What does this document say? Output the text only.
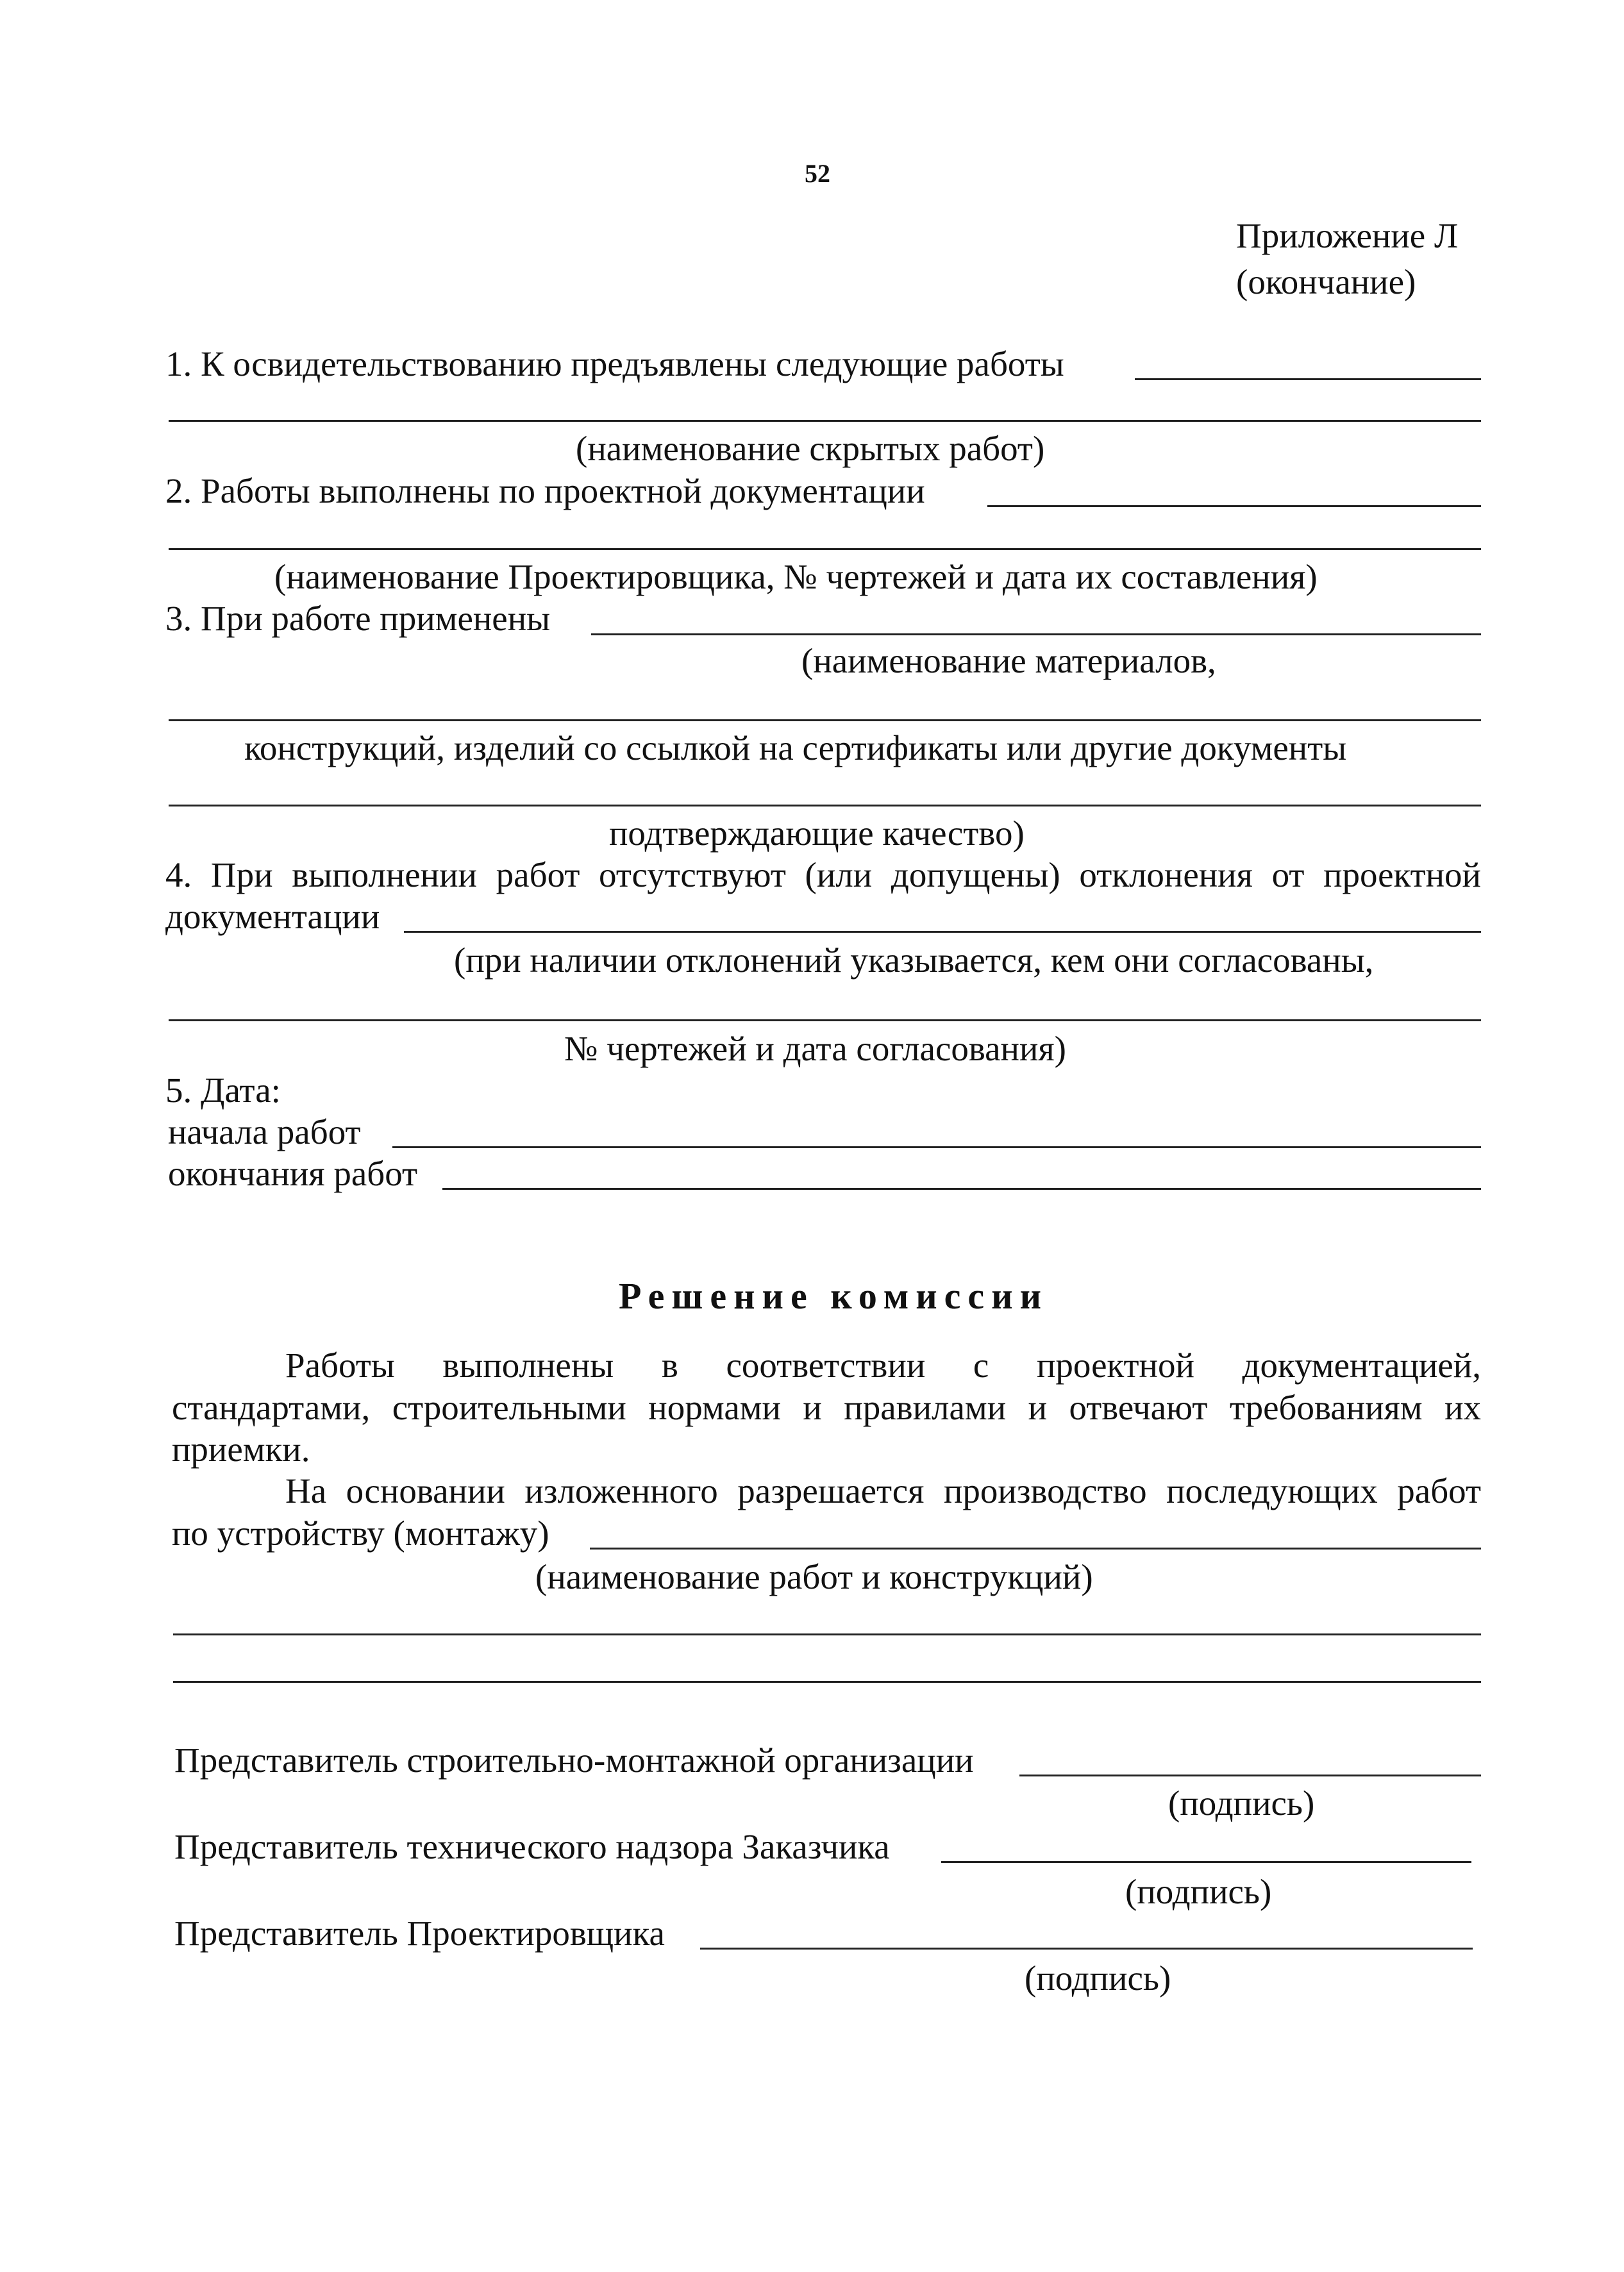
52
Приложение Л
(окончание)
1. К освидетельствованию предъявлены следующие работы
(наименование скрытых работ)
2. Работы выполнены по проектной документации
(наименование Проектировщика, № чертежей и дата их составления)
3. При работе применены
(наименование материалов,
конструкций, изделий со ссылкой на сертификаты или другие документы
подтверждающие качество)
4. При выполнении работ отсутствуют (или допущены) отклонения от проектной
документации
(при наличии отклонений указывается, кем они согласованы,
№ чертежей и дата согласования)
5. Дата:
начала работ
окончания работ
Решение комиссии
Работы выполнены в соответствии с проектной документацией,
стандартами, строительными нормами и правилами и отвечают требованиям их
приемки.
На основании изложенного разрешается производство последующих работ
по устройству (монтажу)
(наименование работ и конструкций)
Представитель строительно-монтажной организации
(подпись)
Представитель технического надзора Заказчика
(подпись)
Представитель Проектировщика
(подпись)
